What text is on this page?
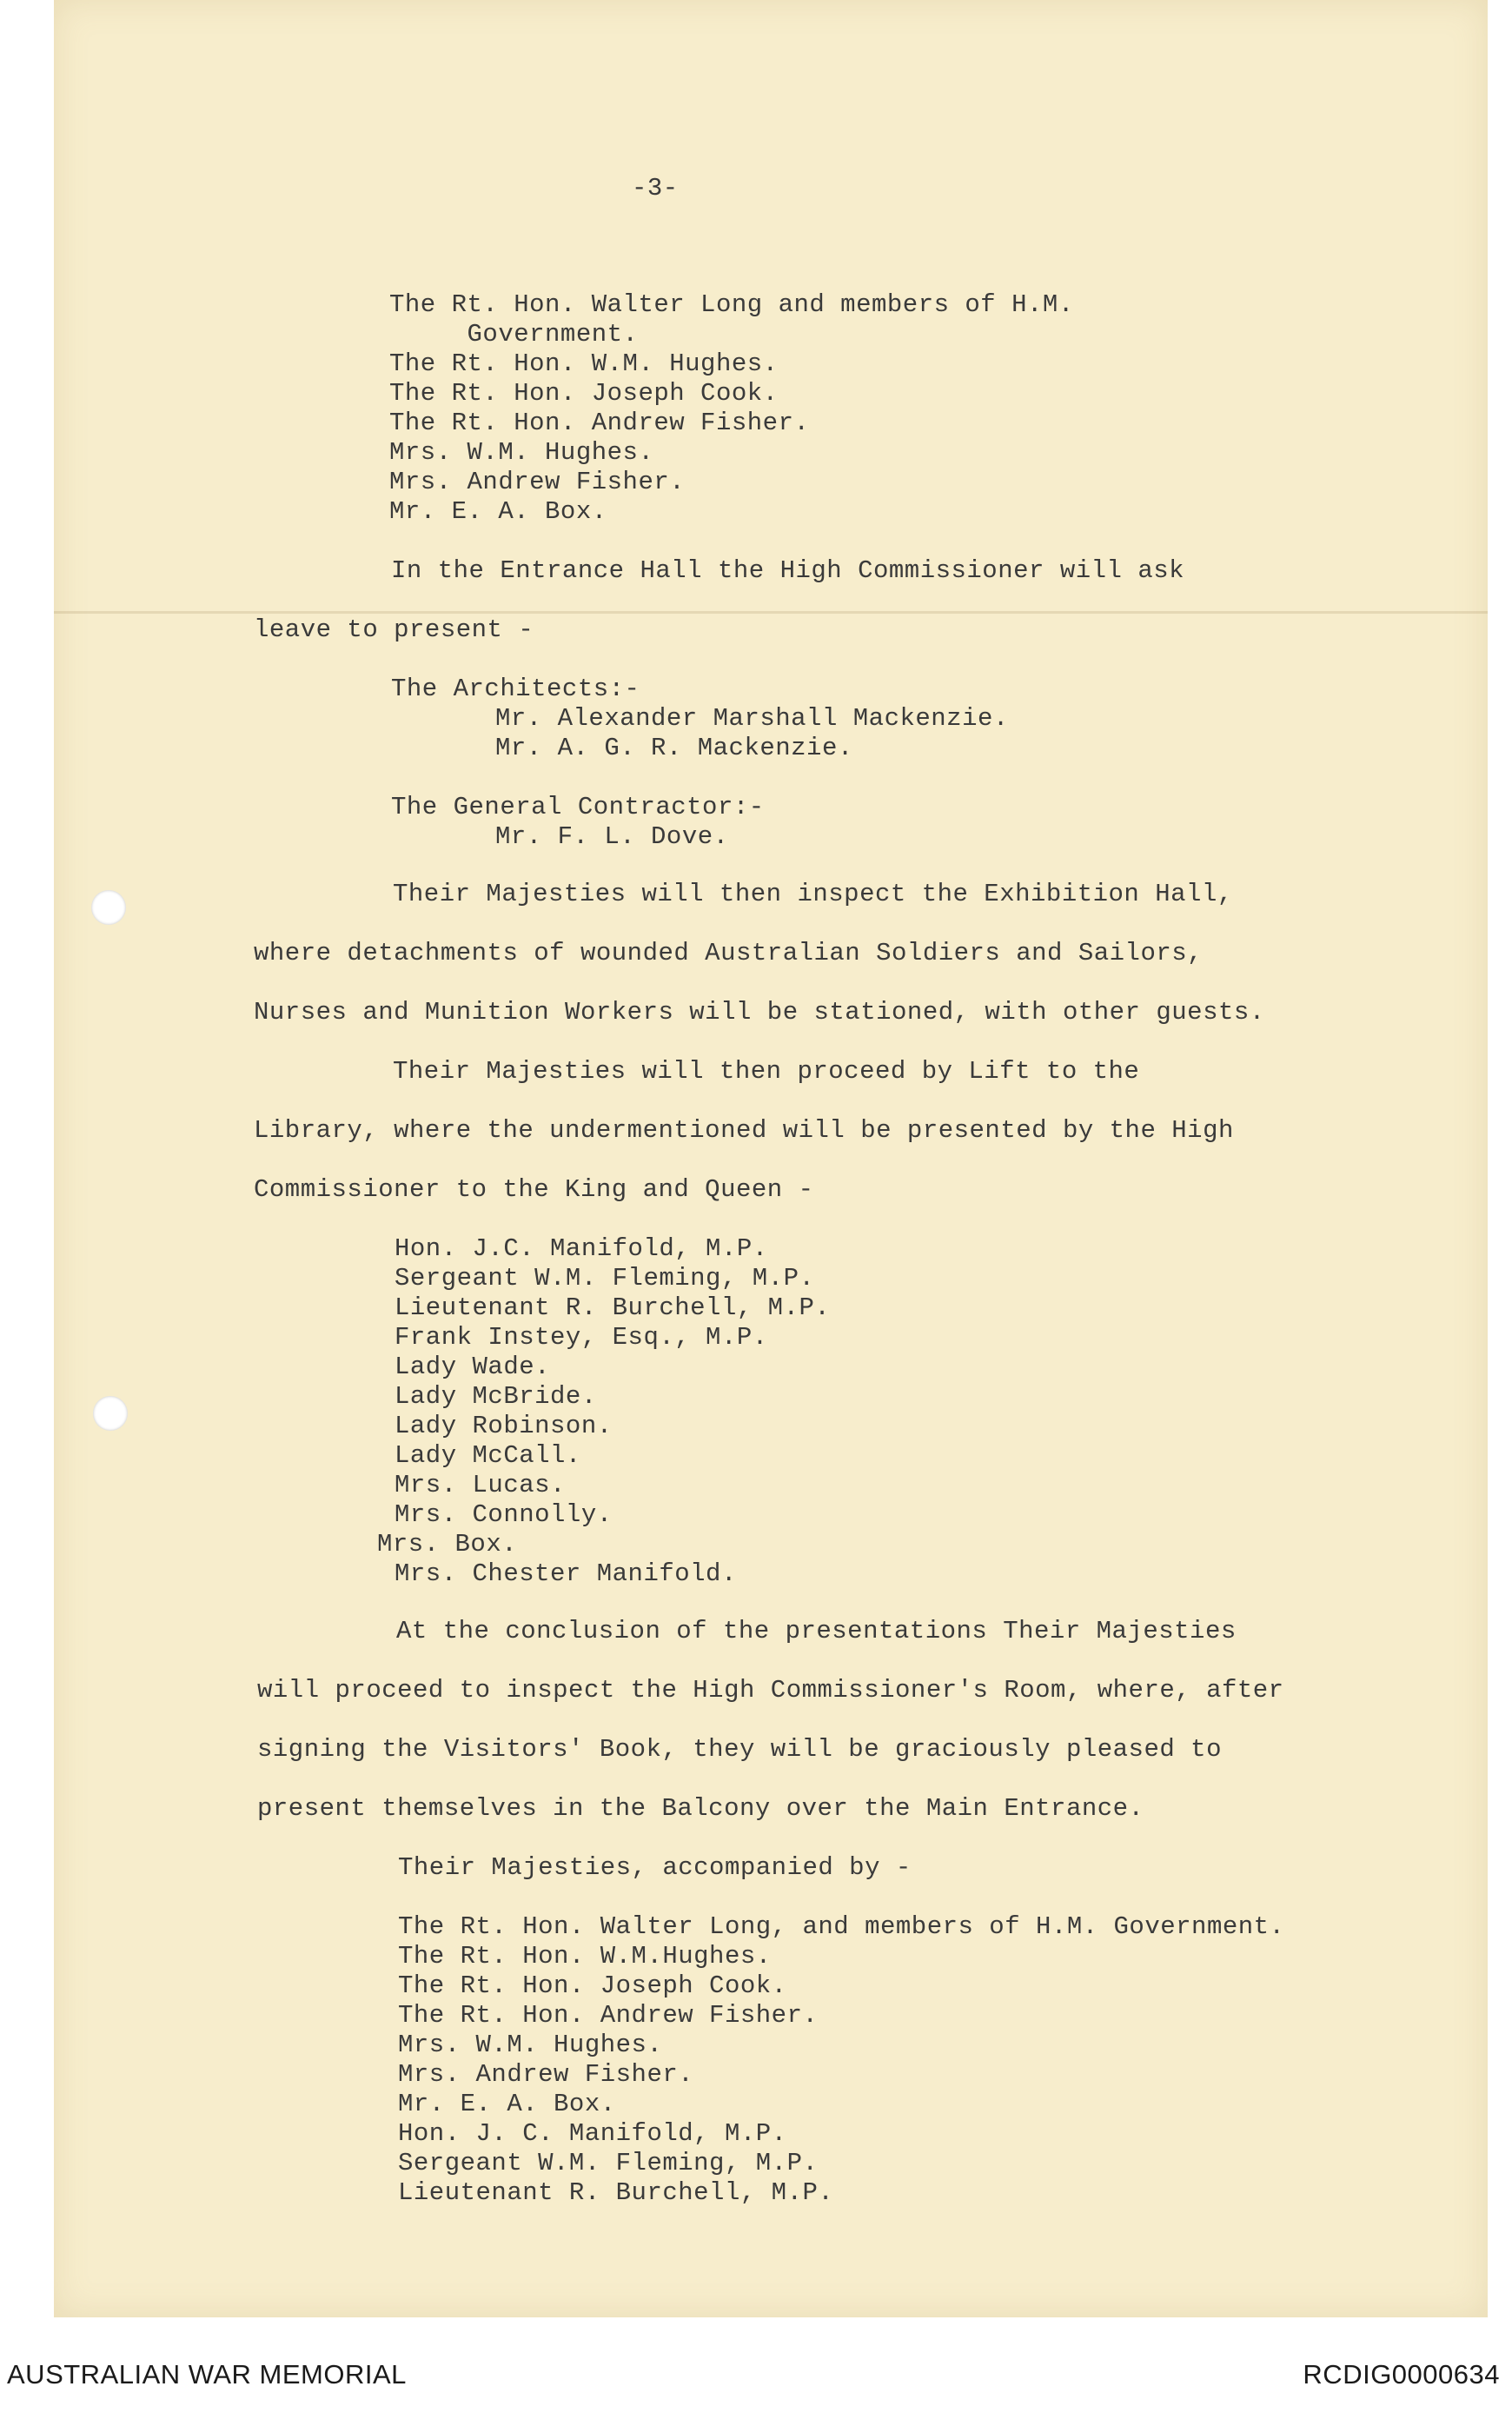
-3-
The Rt. Hon. Walter Long and members of H.M.
Government.
The Rt. Hon. W.M. Hughes.
The Rt. Hon. Joseph Cook.
The Rt. Hon. Andrew Fisher.
Mrs. W.M. Hughes.
Mrs. Andrew Fisher.
Mr. E. A. Box.
In the Entrance Hall the High Commissioner will ask
leave to present -
The Architects:-
Mr. Alexander Marshall Mackenzie.
Mr. A. G. R. Mackenzie.
The General Contractor:-
Mr. F. L. Dove.
Their Majesties will then inspect the Exhibition Hall,
where detachments of wounded Australian Soldiers and Sailors,
Nurses and Munition Workers will be stationed, with other guests.
Their Majesties will then proceed by Lift to the
Library, where the undermentioned will be presented by the High
Commissioner to the King and Queen -
Hon. J.C. Manifold, M.P.
Sergeant W.M. Fleming, M.P.
Lieutenant R. Burchell, M.P.
Frank Instey, Esq., M.P.
Lady Wade.
Lady McBride.
Lady Robinson.
Lady McCall.
Mrs. Lucas.
Mrs. Connolly.
Mrs. Box.
Mrs. Chester Manifold.
At the conclusion of the presentations Their Majesties
will proceed to inspect the High Commissioner's Room, where, after
signing the Visitors' Book, they will be graciously pleased to
present themselves in the Balcony over the Main Entrance.
Their Majesties, accompanied by -
The Rt. Hon. Walter Long, and members of H.M. Government.
The Rt. Hon. W.M.Hughes.
The Rt. Hon. Joseph Cook.
The Rt. Hon. Andrew Fisher.
Mrs. W.M. Hughes.
Mrs. Andrew Fisher.
Mr. E. A. Box.
Hon. J. C. Manifold, M.P.
Sergeant W.M. Fleming, M.P.
Lieutenant R. Burchell, M.P.
AUSTRALIAN WAR MEMORIAL	RCDIG0000634
